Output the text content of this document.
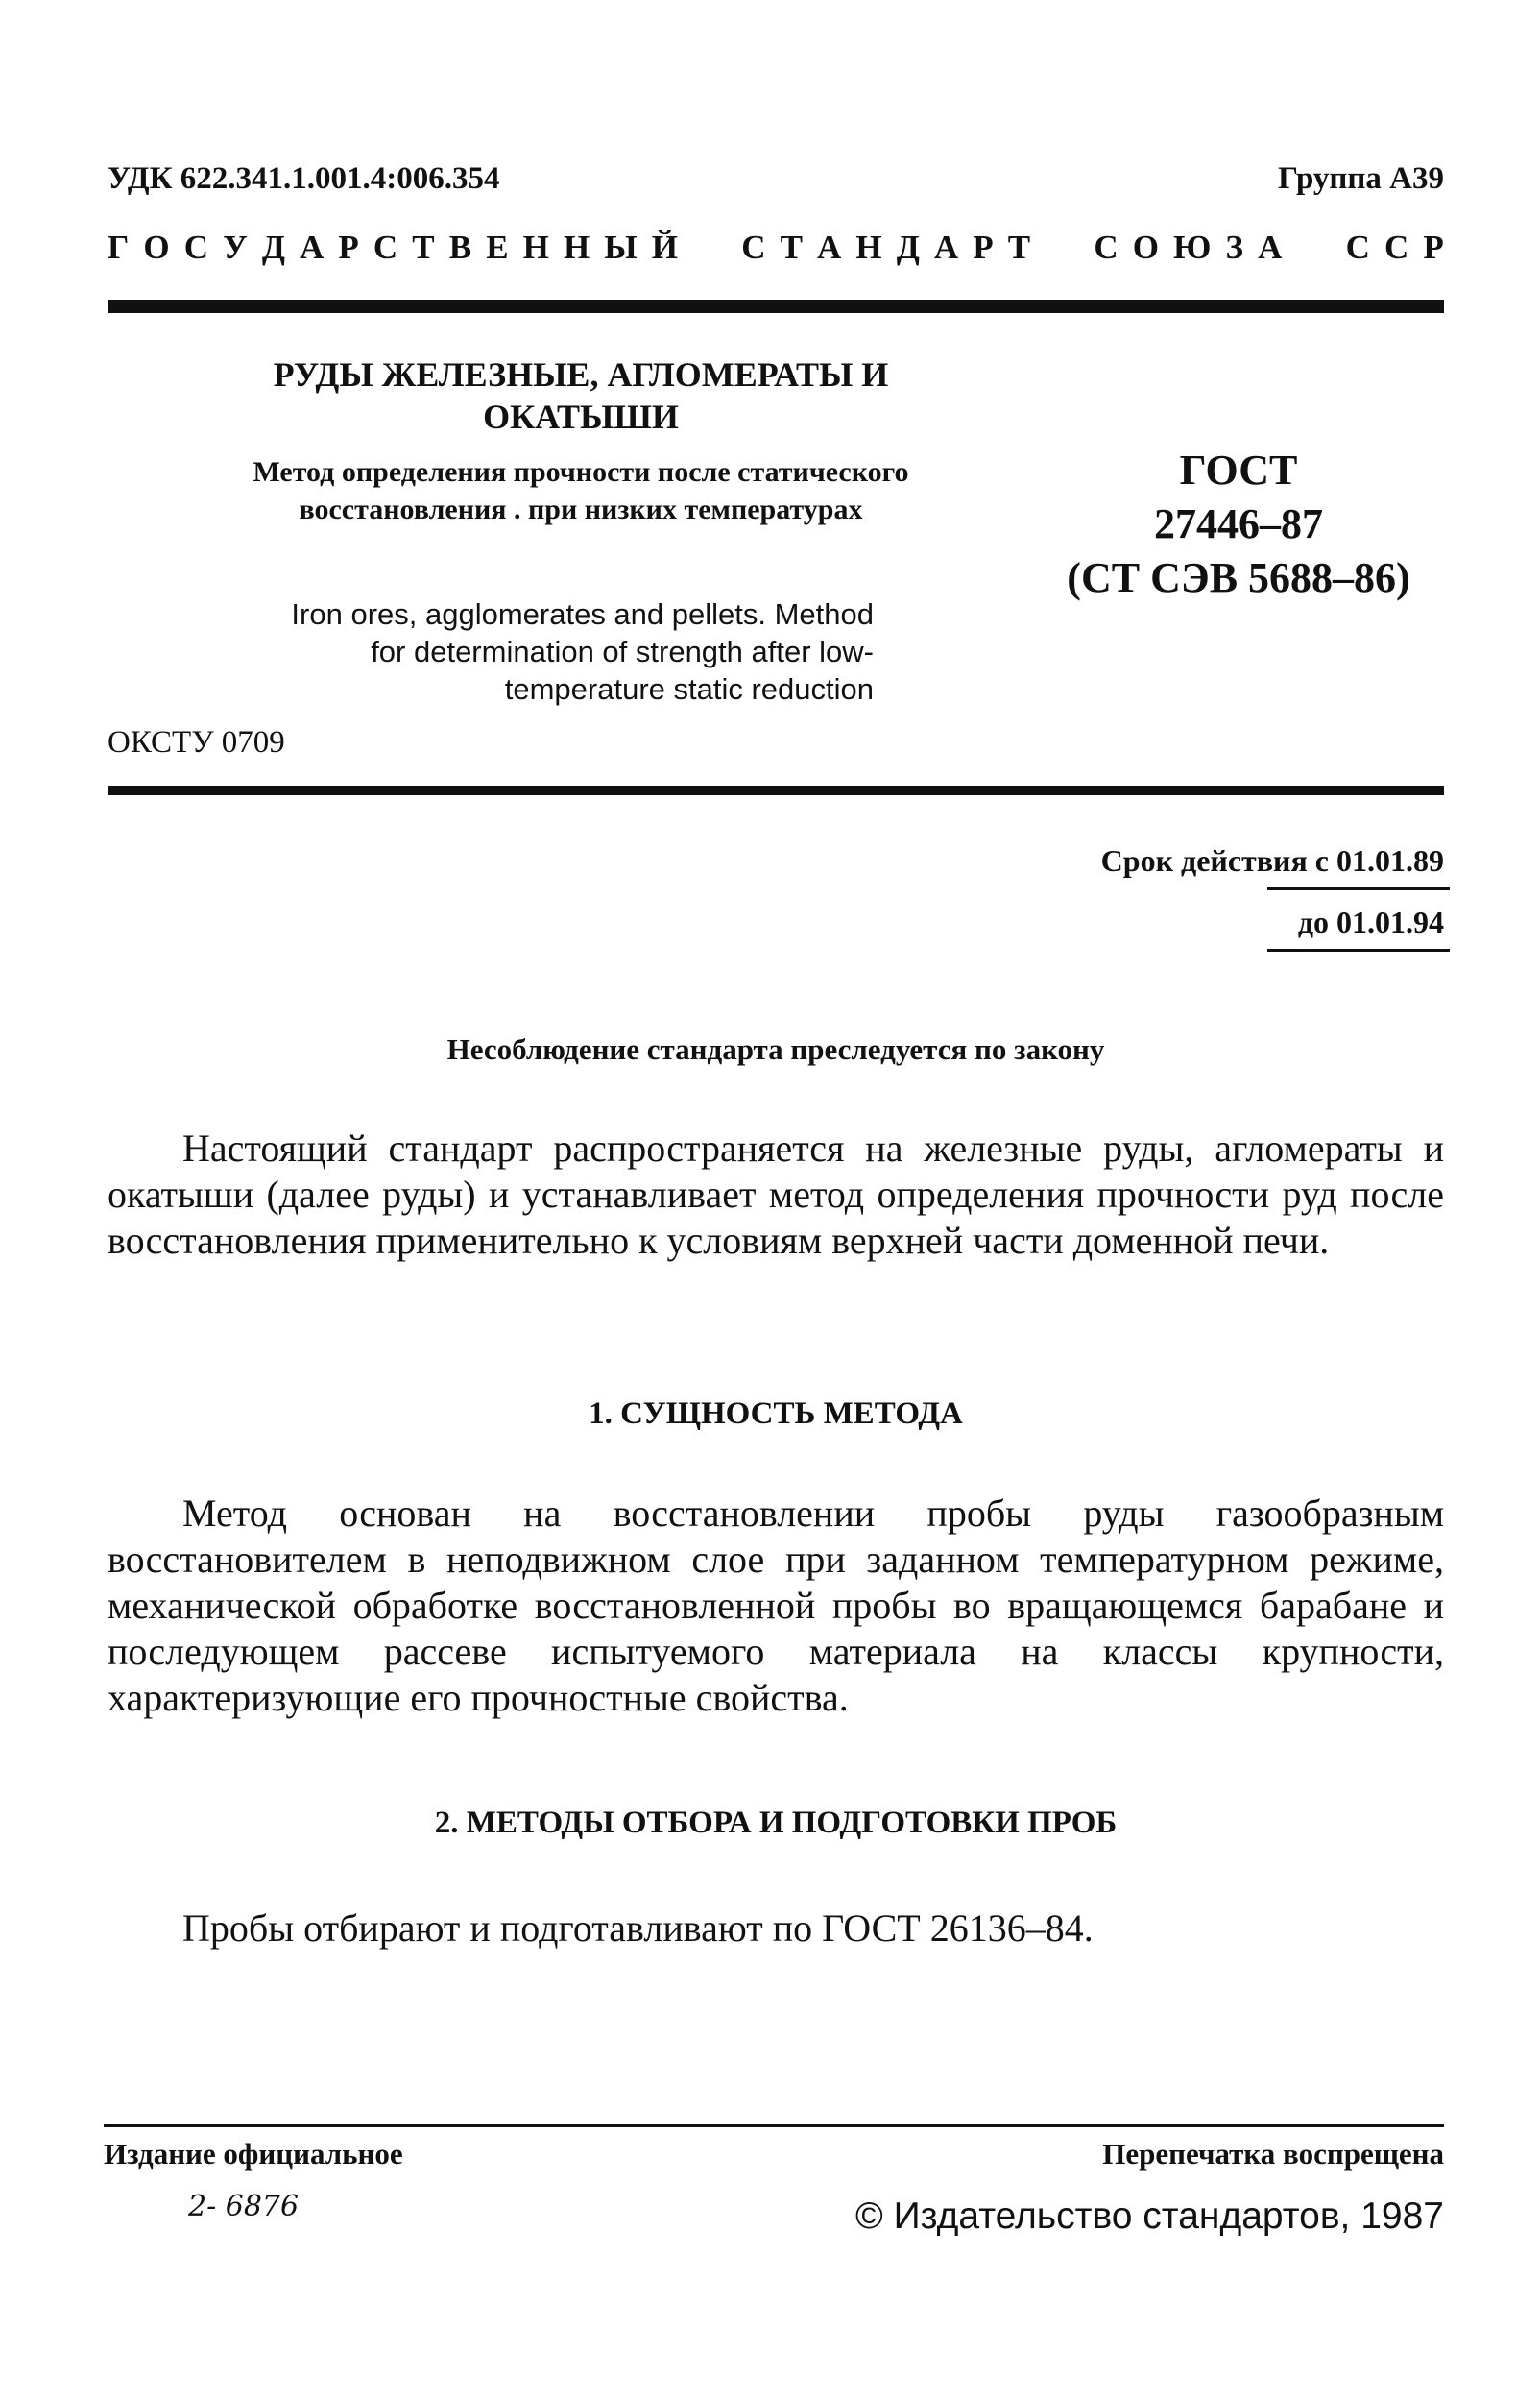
УДК 622.341.1.001.4:006.354	Группа А39
Г О С У Д А Р С Т В Е Н Н Ы Й С Т А Н Д А Р Т С О Ю З А С С Р
РУДЫ ЖЕЛЕЗНЫЕ, АГЛОМЕРАТЫ И ОКАТЫШИ
Метод определения прочности после статического восстановления . при низких температурах
Iron ores, agglomerates and pellets. Method for determination of strength after low-temperature static reduction
ГОСТ
27446–87
(СТ СЭВ 5688–86)
ОКСТУ 0709
Срок действия с 01.01.89
до 01.01.94
Несоблюдение стандарта преследуется по закону
Настоящий стандарт распространяется на железные руды, агломераты и окатыши (далее руды) и устанавливает метод определения прочности руд после восстановления применительно к условиям верхней части доменной печи.
1. СУЩНОСТЬ МЕТОДА
Метод основан на восстановлении пробы руды газообразным восстановителем в неподвижном слое при заданном температурном режиме, механической обработке восстановленной пробы во вращающемся барабане и последующем рассеве испытуемого материала на классы крупности, характеризующие его прочностные свойства.
2. МЕТОДЫ ОТБОРА И ПОДГОТОВКИ ПРОБ
Пробы отбирают и подготавливают по ГОСТ 26136–84.
Издание официальное	Перепечатка воспрещена
2- 6876	© Издательство стандартов, 1987
